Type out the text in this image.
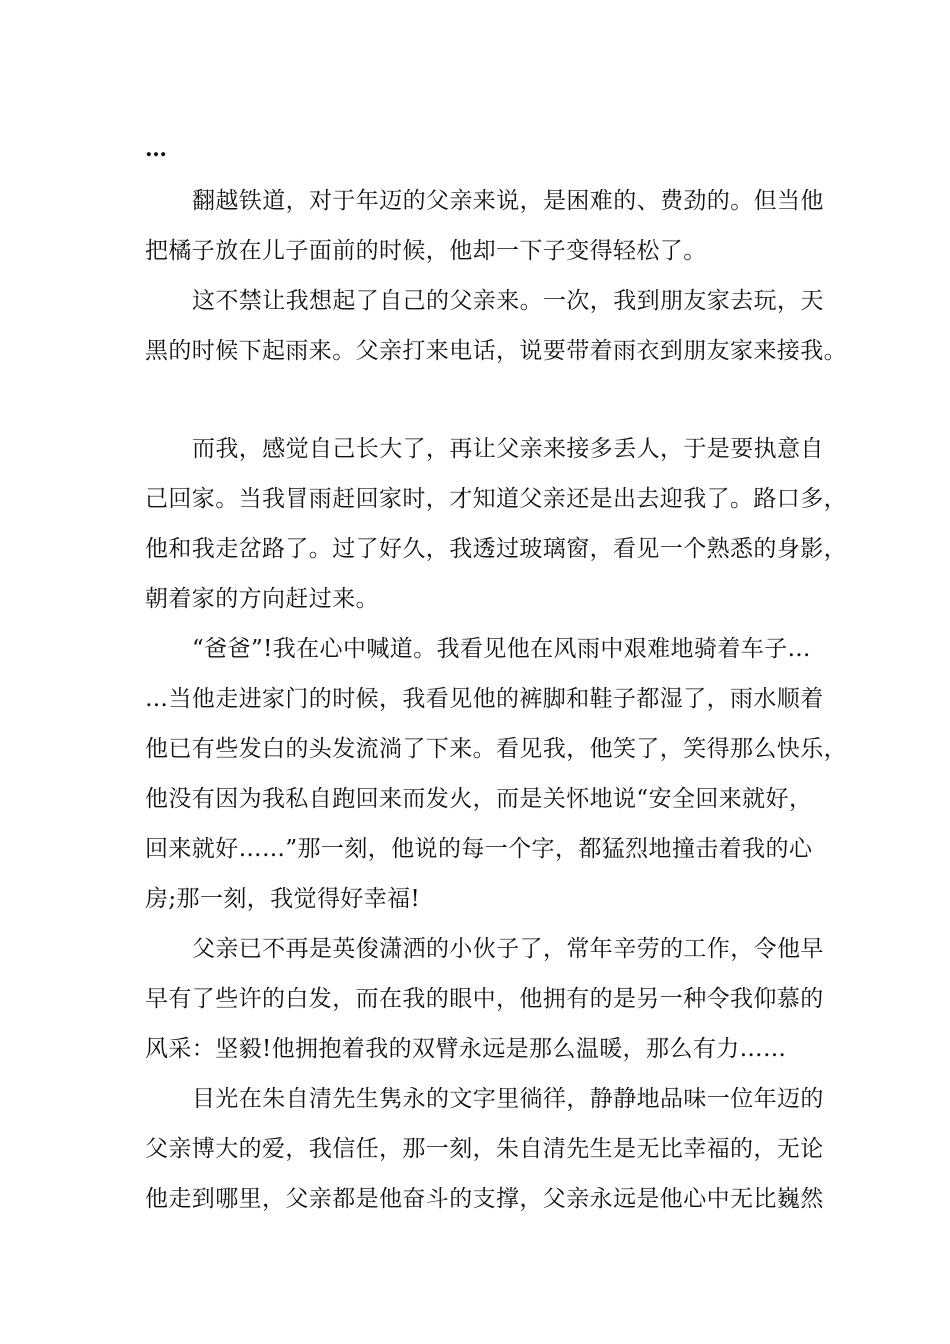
…
翻越铁道，对于年迈的父亲来说，是困难的、费劲的。但当他
把橘子放在儿子面前的时候，他却一下子变得轻松了。
这不禁让我想起了自己的父亲来。一次，我到朋友家去玩，天
黑的时候下起雨来。父亲打来电话，说要带着雨衣到朋友家来接我。
而我，感觉自己长大了，再让父亲来接多丢人，于是要执意自
己回家。当我冒雨赶回家时，才知道父亲还是出去迎我了。路口多，
他和我走岔路了。过了好久，我透过玻璃窗，看见一个熟悉的身影，
朝着家的方向赶过来。
“爸爸”!我在心中喊道。我看见他在风雨中艰难地骑着车子…
…当他走进家门的时候，我看见他的裤脚和鞋子都湿了，雨水顺着
他已有些发白的头发流淌了下来。看见我，他笑了，笑得那么快乐，
他没有因为我私自跑回来而发火，而是关怀地说“安全回来就好，
回来就好……”那一刻，他说的每一个字，都猛烈地撞击着我的心
房;那一刻，我觉得好幸福!
父亲已不再是英俊潇洒的小伙子了，常年辛劳的工作，令他早
早有了些许的白发，而在我的眼中，他拥有的是另一种令我仰慕的
风采：坚毅!他拥抱着我的双臂永远是那么温暖，那么有力……
目光在朱自清先生隽永的文字里徜徉，静静地品味一位年迈的
父亲博大的爱，我信任，那一刻，朱自清先生是无比幸福的，无论
他走到哪里，父亲都是他奋斗的支撑，父亲永远是他心中无比巍然
